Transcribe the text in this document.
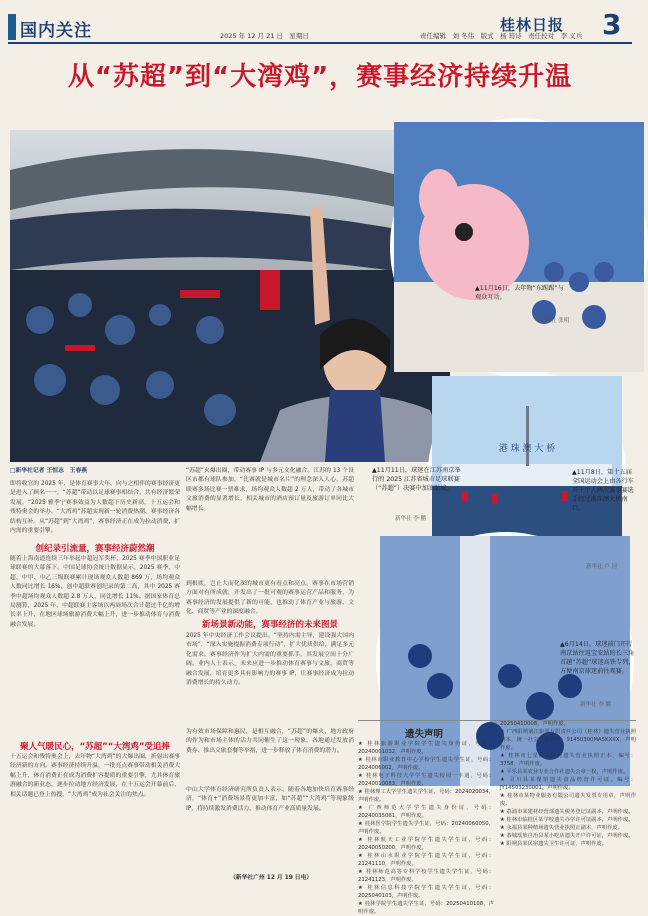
国内关注	2025 年 12 月 21 日　星期日	责任编辑　刘 冬伟　版式　杨 筠诗　责任校对　李 义兵
桂林日报 3
从“苏超”到“大湾鸡”，赛事经济持续升温
港 珠 澳 大 桥
▲11月16日，去年物“东踢踢”与观众互动。
新华社 张明
▲11月11日，球迷在江苏南京举行的 2025 江苏省城市足球联赛（“苏超”）决赛中加油助威。
新华社 李 鹏
▲11月8日，第十五届全国运动会上由各行车开千个人两次赛事赛选手经过港珠澳大桥南口。
新华社 卢 同
▲6月14日，球迷前门开行南京站往返宝安站的长三角首趟“苏超”球迷高铁专列，方便南京球迷前往观赛。
新华社 李 鹏
□新华社记者 王恒志　王春燕
即将收官的 2025 年，是体育赛事大年。向与之相伴的赛事经济更是进入了顾名一一。“苏超”带动以足球赛事相结合，共有经济繁荣发展，“2025 雅季宁赛事效益为人数超下历史新高，十五运会和残特奥会的举办，“大湾鸡”苏超实现新一轮消费热潮、赛事经济各结构互补。从“苏超”到“大湾鸡”，赛事经济正在成为拉动消费、扩内需的重要引擎。
创纪录引流量，赛事经济蔚然潮
随着上海南道连续三年举起中超冠军奖杯，2025 赛季中国职业足球联赛的大幕落下。中国足球协会统计数据显示，2025 赛季，中超、中甲、中乙三级联赛累计现场观众人数超 869 万，场均观众人数同比增长 16%，创中超联赛创纪录的第二高，其中 2025 赛季中超场均观众人数超 2.8 万人，同比增长 11%。据国家体育总局测算，2025 年，中超联赛主客场以两周场次合计超过千亿的增长率上升，在地区球场旅游消费大幅上升，进一步推动体育与消费融合发展。
聚人气暖民心，“苏超”“大湾鸡”受追捧
十五运会和残特奥会上，去年物“大湾鸡”的大爆出圈，折射出赛事经济新的方向。赛事经济持续升温，一批亮点赛事带动相关消费大幅上升，体育消费正在成为消费扩容提质的重要引擎，尤其体育旅游融合的新业态，逐步拉动地方经济发展，在十五运会开幕前后，相关话题已登上热搜，“大湾鸡”成为社会关注的焦点。
“苏超”火爆出圈，带动赛事 IP 与多元文化融合。江苏的 13 个设区市都有球队参加，“比赛就是城市名片”的理念深入人心，苏超联赛多场比赛一票难求，场均观众人数超 2 万人，带动了各城市文旅消费的显著增长，相关城市的酒店预订量及旅游订单同比大幅增长。
到根底，岂止大而化深的城市更有看点和亮点。赛事在市场营销方面对有所成就，开发出了一批可观的赛事运营产品和服务，为赛事经济的发展提供了新的可能，也推动了体育产业与旅游、文化、商贸等产业的深度融合。
新场景新动能，赛事经济的未来图景
2025 年中央经济工作会议提出，“坚持内需主导，建设强大国内市场”，“深入实施提振消费专项行动”，扩大优质供给，满足多元化需求。赛事经济作为扩大内需的重要抓手，其发展空间十分广阔。业内人士表示，未来应进一步推动体育赛事与文旅、商贸等融合发展，培育更多具有影响力的赛事 IP，让赛事经济成为拉动消费增长的持久动力。
为有效市场保障和惠民，是相互融合，“苏超”的爆火，地方政府的作为和市场主体的活力共同催生了这一现象，各地通过发放消费券、推出文旅套餐等举措，进一步释放了体育消费的潜力。
中山大学体育经济研究所负责人表示，随着各地加快培育赛事经济，“体育+”消费场景将更加丰富，如“苏超”“大湾鸡”等现象级 IP，将持续激发消费活力，推动体育产业高质量发展。
（新华社广州 12 月 19 日电）
遗失声明
★ 桂林旅游职业学院学生遗失身份证，号码：20240001032，声明作废。
★ 桂林市职业教育中心学校学生遗失学生证，号码：2024006002，声明作废。
★ 桂林电子科技大学学生遗失校园一卡通，号码：20240010083，声明作废。
★ 桂林理工大学学生遗失学生证，号码：2024020034，声明作废。
★ 广西师范大学学生遗失身份证，号码：20240035061，声明作废。
★ 桂林医学院学生遗失学生证，号码：20240060050，声明作废。
★ 桂林航天工业学院学生遗失学生证，号码：20240050200，声明作废。
★ 桂林山水职业学院学生遗失学生证，号码：21241110，声明作废。
★ 桂林师范高等专科学校学生遗失学生证，号码：21241123，声明作废。
★ 桂林信息科技学院学生遗失学生证，号码：2025040103，声明作废。
★ 桂林学院学生遗失学生证，号码：20250410108，声明作废。
20250410008，声明作废。
★ 广西阳朔漓江旅游有限责任公司（桂林）遗失营业执照副本，统一社会信用代码：91450300MA5KXXX，声明作废。
★ 桂林市七星区某商行遗失营业执照正本，编号：3758，声明作废。
★ 平乐县某农业专业合作社遗失公章一枚，声明作废。
★ 灵川县某餐馆遗失食品经营许可证，编号：JY14503230001，声明作废。
★ 桂林市某物业服务有限公司遗失发票专用章，声明作废。
★ 荔浦市某建材经营部遗失税务登记证副本，声明作废。
★ 桂林市临桂区某学校遗失办学许可证副本，声明作废。
★ 永福县某种植场遗失营业执照正副本，声明作废。
★ 恭城瑶族自治县某小吃店遗失开户许可证，声明作废。
★ 阳朔县某民宿遗失卫生许可证，声明作废。
